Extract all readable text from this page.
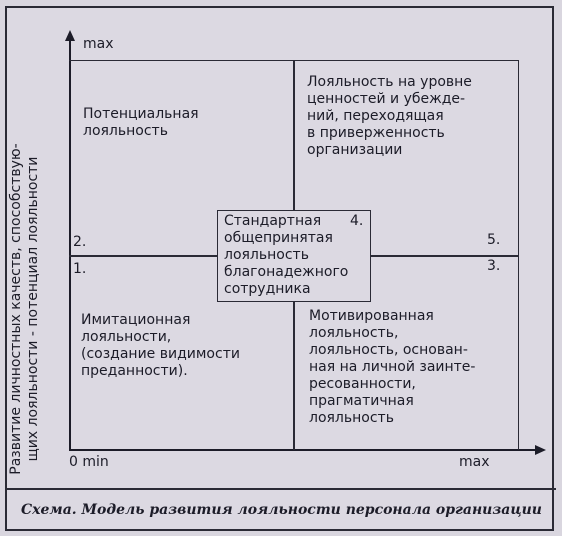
Развитие личностных качеств, способствую-
щих лояльности - потенциал лояльности
max
0 min	max
Потенциальная
лояльность
Лояльность на уровне
ценностей и убежде-
ний, переходящая
в приверженность
организации
Имитационная
лояльности,
(создание видимости
преданности).
Мотивированная
лояльность,
лояльность, основан-
ная на личной заинте-
ресованности,
прагматичная
лояльность
2.
1.
5.
3.
Стандартная
общепринятая
лояльность
благонадежного
сотрудника
4.
Схема. Модель развития лояльности персонала организации
